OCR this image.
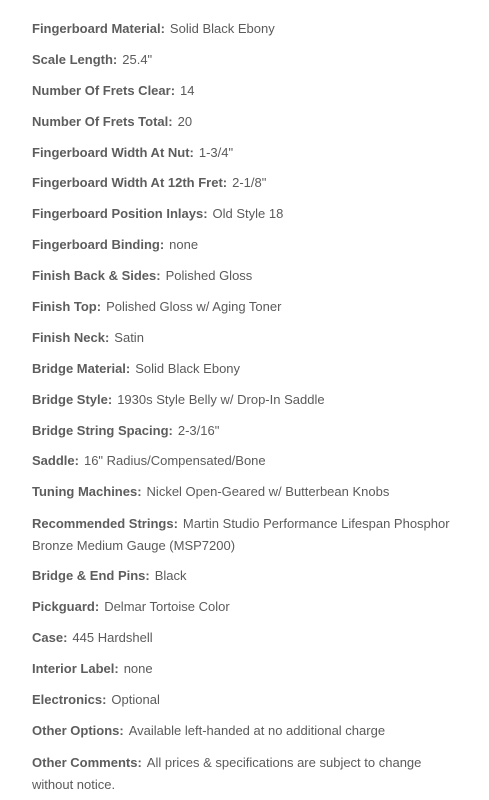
Fingerboard Material: Solid Black Ebony
Scale Length: 25.4"
Number Of Frets Clear: 14
Number Of Frets Total: 20
Fingerboard Width At Nut: 1-3/4"
Fingerboard Width At 12th Fret: 2-1/8"
Fingerboard Position Inlays: Old Style 18
Fingerboard Binding: none
Finish Back & Sides: Polished Gloss
Finish Top: Polished Gloss w/ Aging Toner
Finish Neck: Satin
Bridge Material: Solid Black Ebony
Bridge Style: 1930s Style Belly w/ Drop-In Saddle
Bridge String Spacing: 2-3/16"
Saddle: 16" Radius/Compensated/Bone
Tuning Machines: Nickel Open-Geared w/ Butterbean Knobs
Recommended Strings: Martin Studio Performance Lifespan Phosphor Bronze Medium Gauge (MSP7200)
Bridge & End Pins: Black
Pickguard: Delmar Tortoise Color
Case: 445 Hardshell
Interior Label: none
Electronics: Optional
Other Options: Available left-handed at no additional charge
Other Comments: All prices & specifications are subject to change without notice.
